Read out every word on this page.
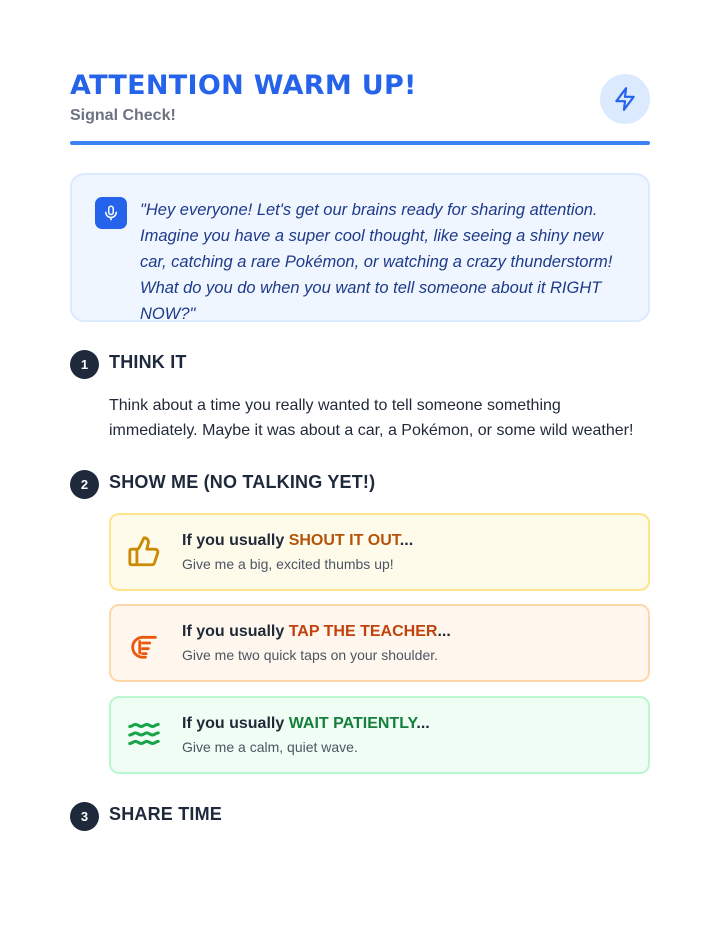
ATTENTION WARM UP!
Signal Check!
"Hey everyone! Let's get our brains ready for sharing attention. Imagine you have a super cool thought, like seeing a shiny new car, catching a rare Pokémon, or watching a crazy thunderstorm! What do you do when you want to tell someone about it RIGHT NOW?"
1	THINK IT
Think about a time you really wanted to tell someone something immediately. Maybe it was about a car, a Pokémon, or some wild weather!
2	SHOW ME (NO TALKING YET!)
If you usually SHOUT IT OUT...
Give me a big, excited thumbs up!
If you usually TAP THE TEACHER...
Give me two quick taps on your shoulder.
If you usually WAIT PATIENTLY...
Give me a calm, quiet wave.
3	SHARE TIME
